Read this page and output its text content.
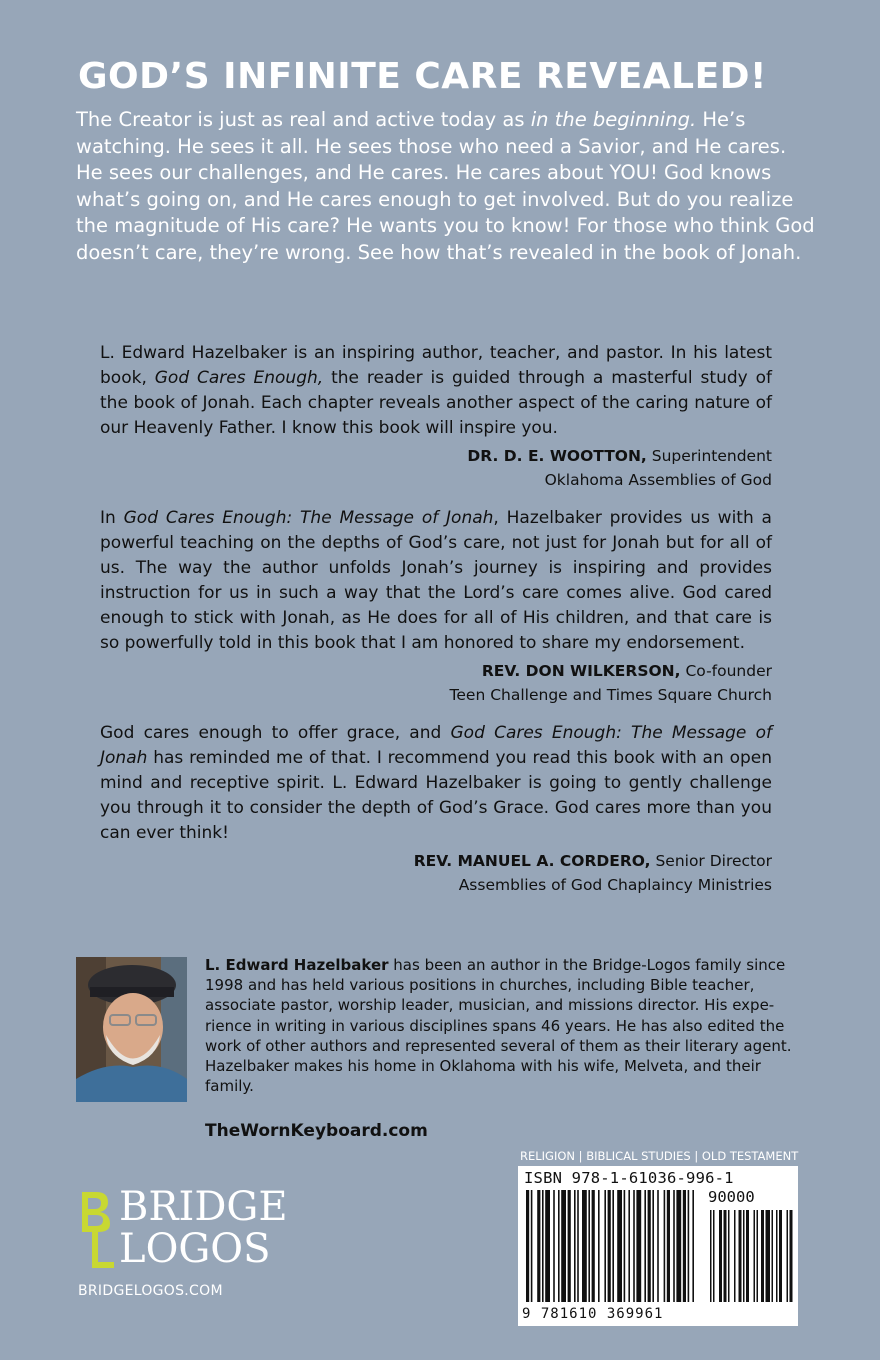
GOD’S INFINITE CARE REVEALED!

The Creator is just as real and active today as in the beginning. He’s watching. He sees it all. He sees those who need a Savior, and He cares. He sees our challenges, and He cares. He cares about YOU! God knows what’s going on, and He cares enough to get involved. But do you realize the magnitude of His care? He wants you to know! For those who think God doesn’t care, they’re wrong. See how that’s revealed in the book of Jonah.

L. Edward Hazelbaker is an inspiring author, teacher, and pastor. In his latest book, God Cares Enough, the reader is guided through a masterful study of the book of Jonah. Each chapter reveals another aspect of the caring nature of our Heavenly Father. I know this book will inspire you.

DR. D. E. WOOTTON, Superintendent
Oklahoma Assemblies of God

In God Cares Enough: The Message of Jonah, Hazelbaker provides us with a powerful teaching on the depths of God’s care, not just for Jonah but for all of us. The way the author unfolds Jonah’s journey is inspiring and provides instruction for us in such a way that the Lord’s care comes alive. God cared enough to stick with Jonah, as He does for all of His children, and that care is so powerfully told in this book that I am honored to share my endorsement.

REV. DON WILKERSON, Co-founder
Teen Challenge and Times Square Church

God cares enough to offer grace, and God Cares Enough: The Message of Jonah has reminded me of that. I recommend you read this book with an open mind and receptive spirit. L. Edward Hazelbaker is going to gently challenge you through it to consider the depth of God’s Grace. God cares more than you can ever think!

REV. MANUEL A. CORDERO, Senior Director
Assemblies of God Chaplaincy Ministries

L. Edward Hazelbaker has been an author in the Bridge-Logos family since 1998 and has held various positions in churches, including Bible teacher, associate pastor, worship leader, musician, and missions director. His experience in writing in various disciplines spans 46 years. He has also edited the work of other authors and represented several of them as their literary agent. Hazelbaker makes his home in Oklahoma with his wife, Melveta, and their family.

TheWornKeyboard.com
BRIDGE
LOGOS
BRIDGELOGOS.COM
RELIGION | BIBLICAL STUDIES | OLD TESTAMENT
ISBN 978-1-61036-996-1
90000
9 781610 369961
